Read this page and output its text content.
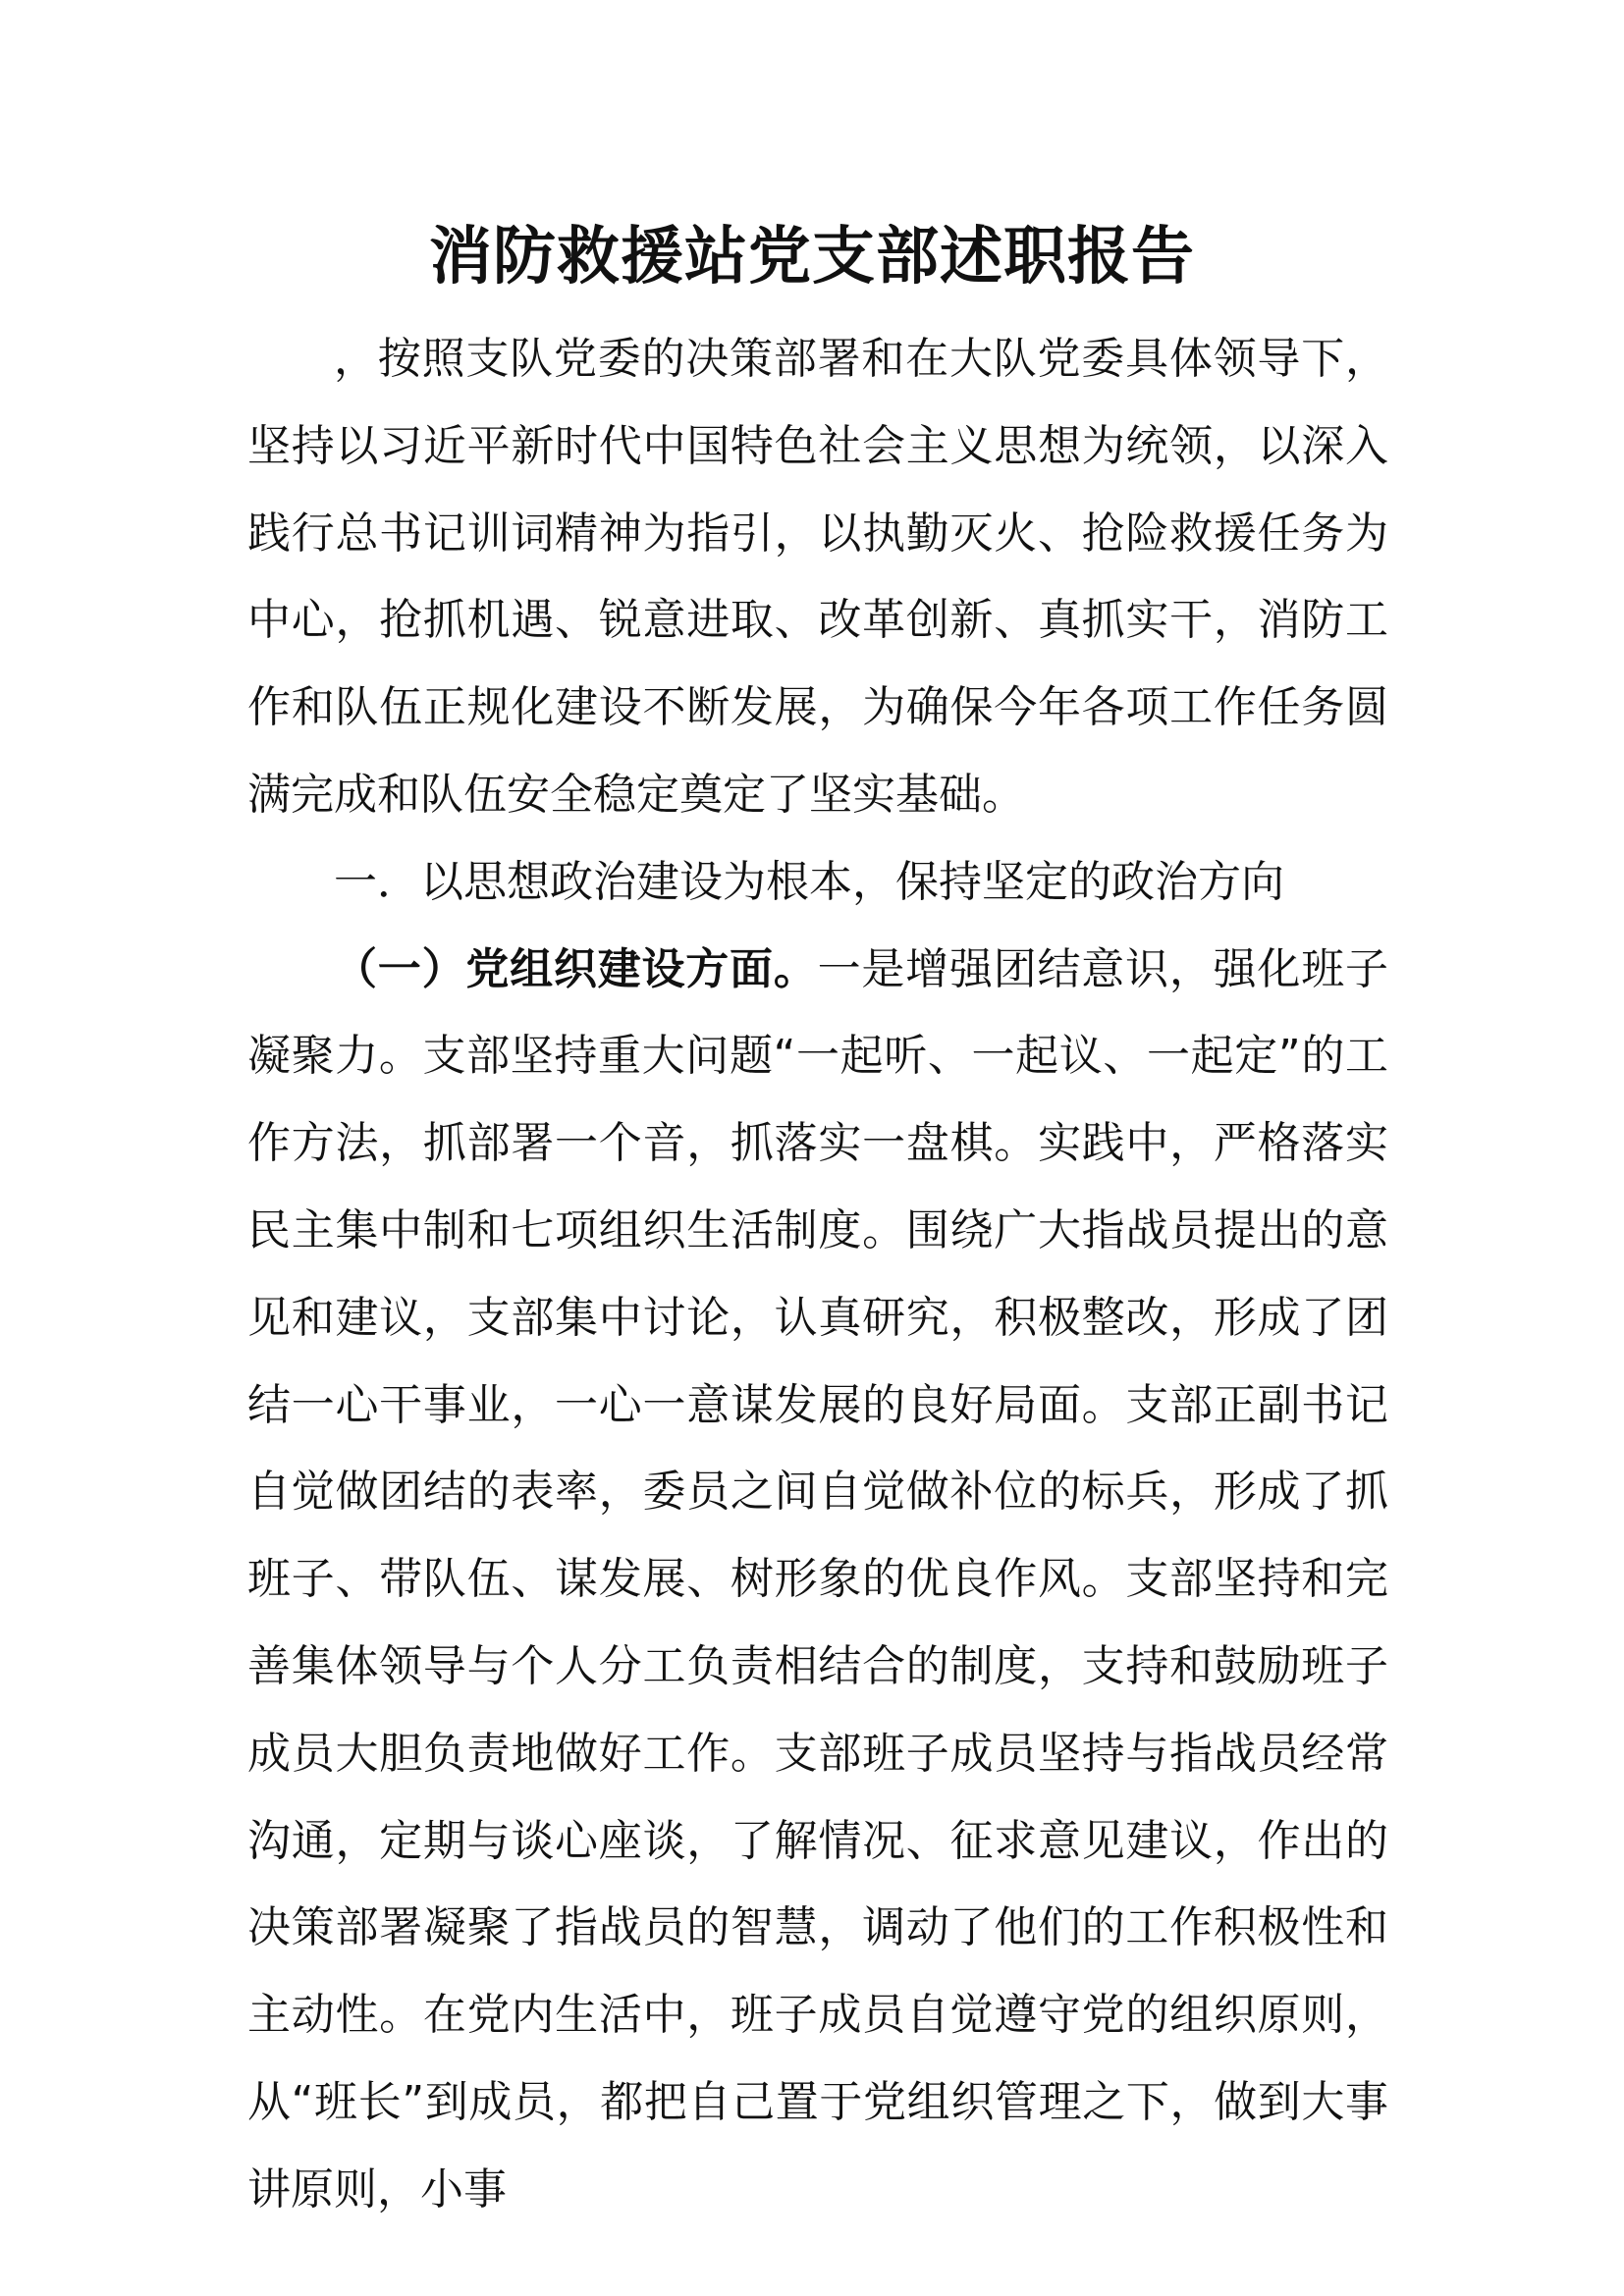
消防救援站党支部述职报告

，按照支队党委的决策部署和在大队党委具体领导下，坚持以习近平新时代中国特色社会主义思想为统领，以深入践行总书记训词精神为指引，以执勤灭火、抢险救援任务为中心，抢抓机遇、锐意进取、改革创新、真抓实干，消防工作和队伍正规化建设不断发展，为确保今年各项工作任务圆满完成和队伍安全稳定奠定了坚实基础。

一．以思想政治建设为根本，保持坚定的政治方向

（一）党组织建设方面。一是增强团结意识，强化班子凝聚力。支部坚持重大问题“一起听、一起议、一起定”的工作方法，抓部署一个音，抓落实一盘棋。实践中，严格落实民主集中制和七项组织生活制度。围绕广大指战员提出的意见和建议，支部集中讨论，认真研究，积极整改，形成了团结一心干事业，一心一意谋发展的良好局面。支部正副书记自觉做团结的表率，委员之间自觉做补位的标兵，形成了抓班子、带队伍、谋发展、树形象的优良作风。支部坚持和完善集体领导与个人分工负责相结合的制度，支持和鼓励班子成员大胆负责地做好工作。支部班子成员坚持与指战员经常沟通，定期与谈心座谈，了解情况、征求意见建议，作出的决策部署凝聚了指战员的智慧，调动了他们的工作积极性和主动性。在党内生活中，班子成员自觉遵守党的组织原则，从“班长”到成员，都把自己置于党组织管理之下，做到大事讲原则，小事
